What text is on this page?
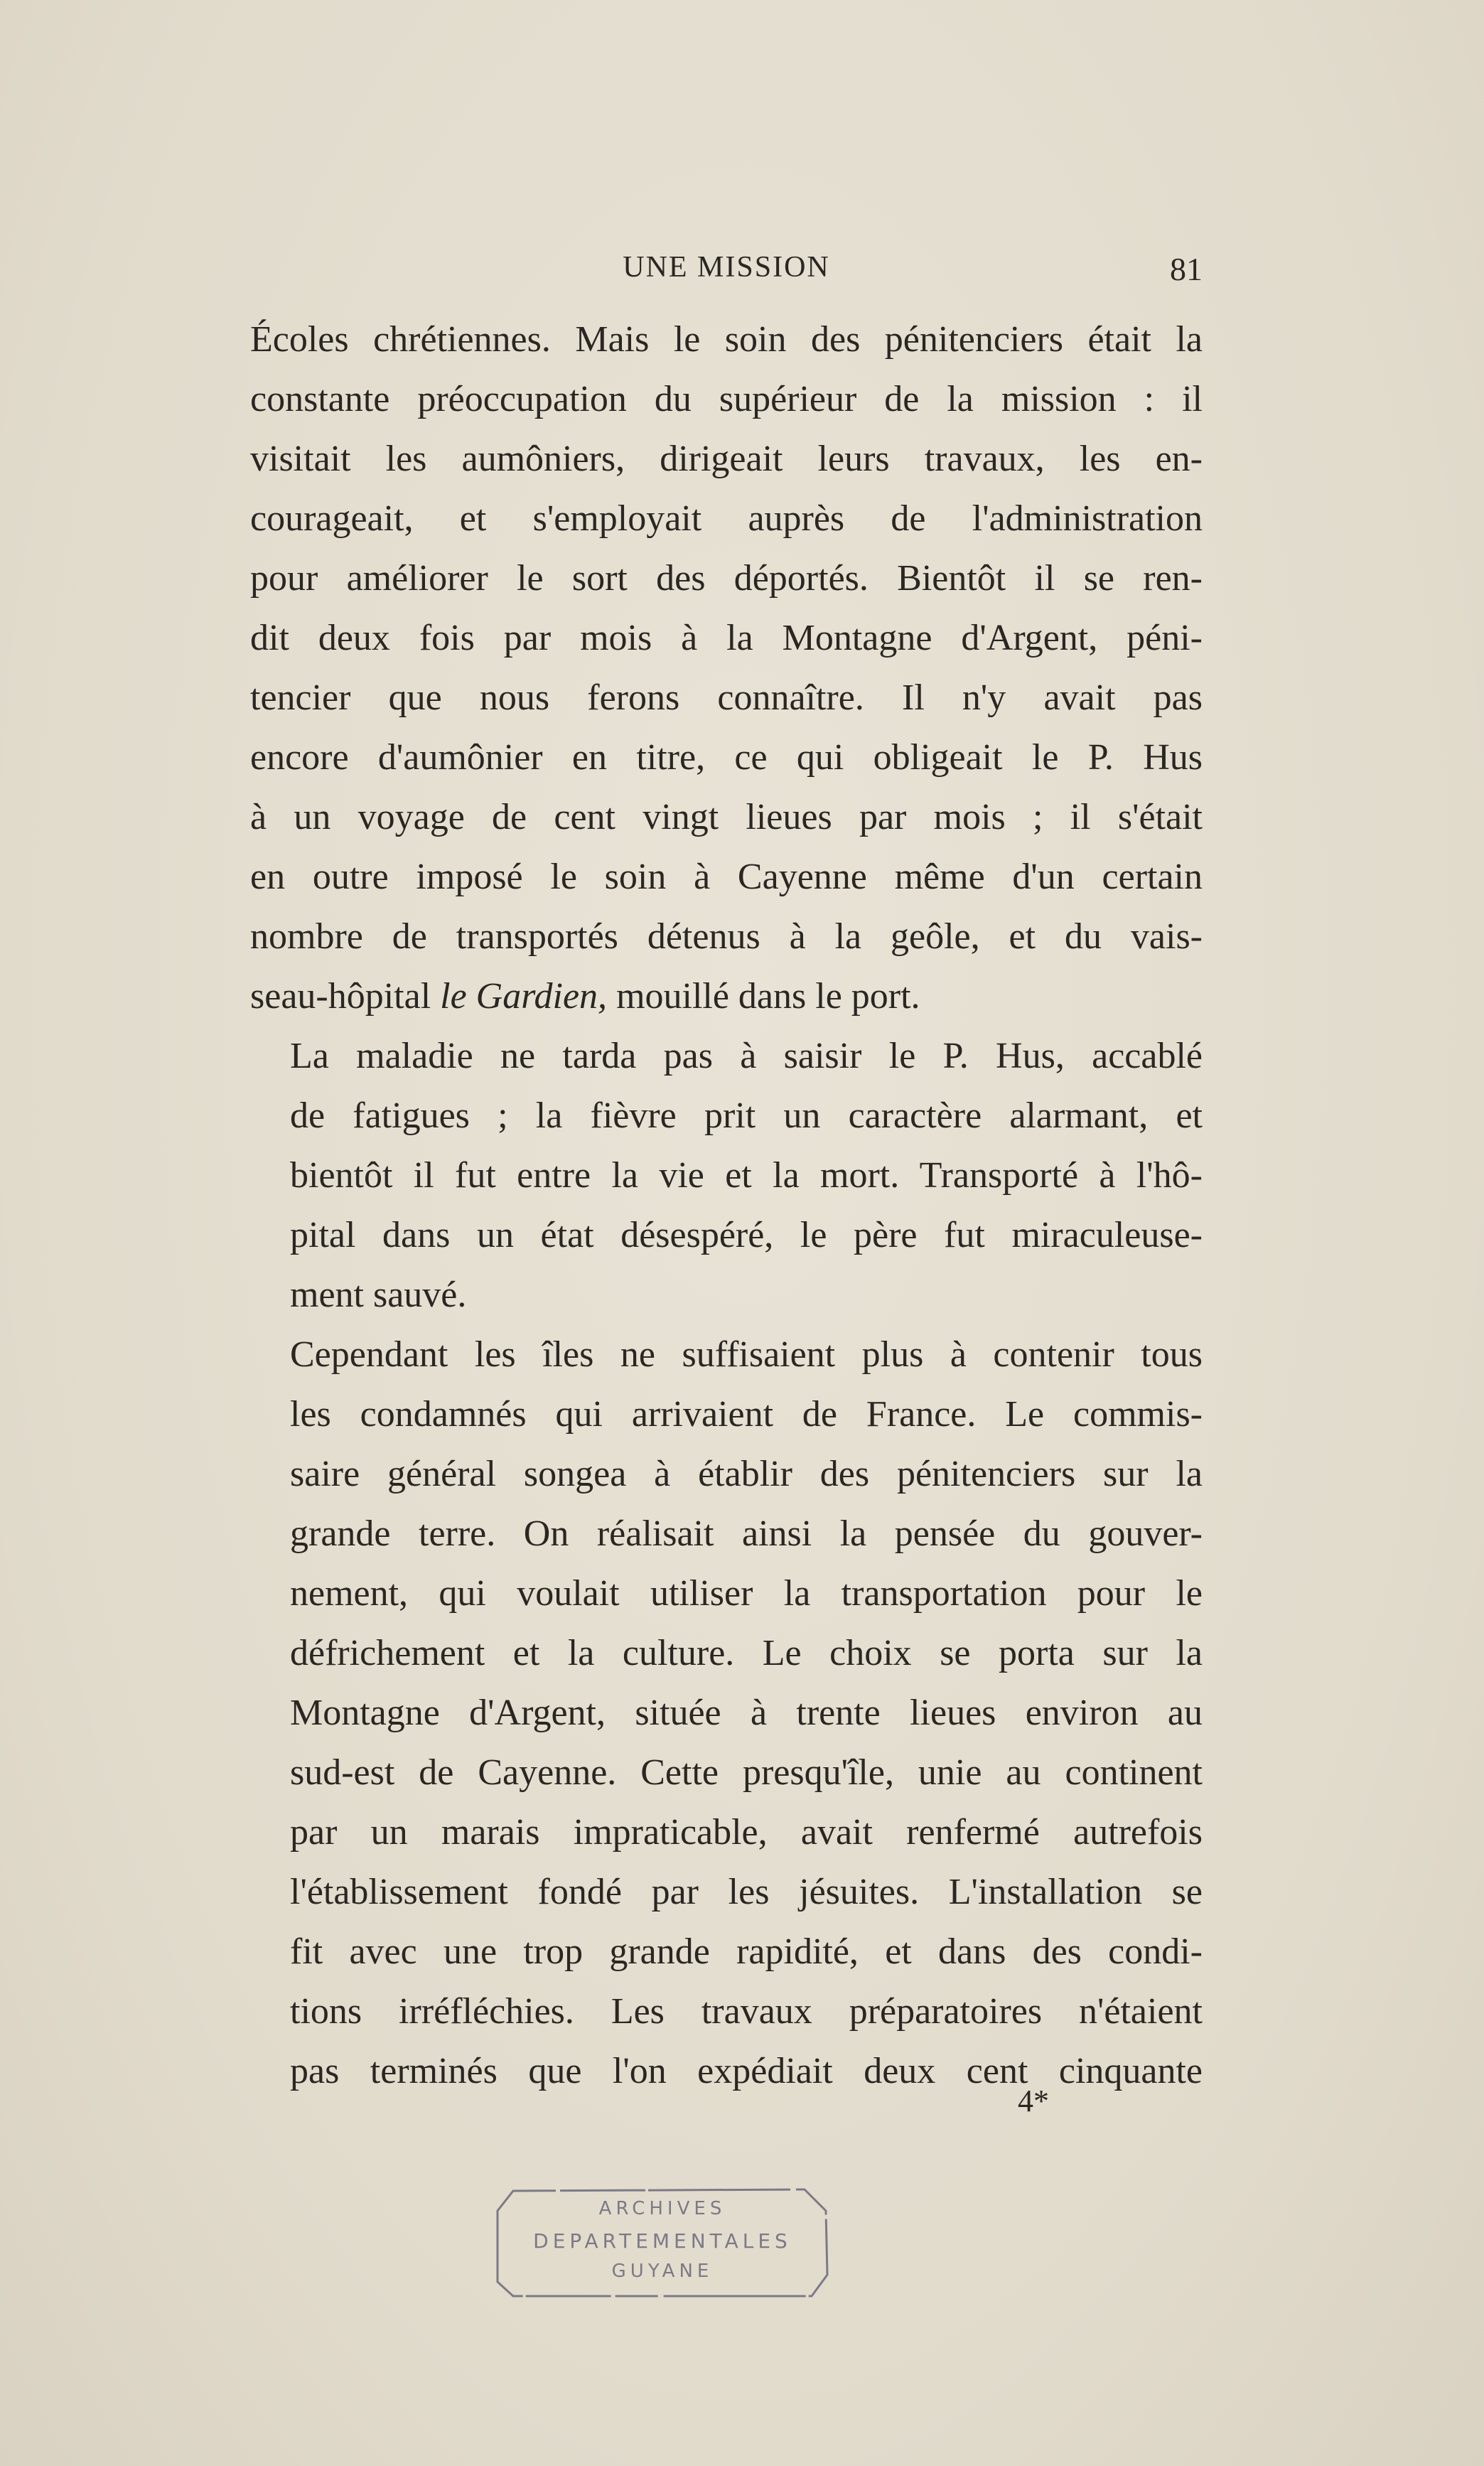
UNE MISSION	81

Écoles chrétiennes. Mais le soin des pénitenciers était la
constante préoccupation du supérieur de la mission : il
visitait les aumôniers, dirigeait leurs travaux, les en-
courageait, et s'employait auprès de l'administration
pour améliorer le sort des déportés. Bientôt il se ren-
dit deux fois par mois à la Montagne d'Argent, péni-
tencier que nous ferons connaître. Il n'y avait pas
encore d'aumônier en titre, ce qui obligeait le P. Hus
à un voyage de cent vingt lieues par mois ; il s'était
en outre imposé le soin à Cayenne même d'un certain
nombre de transportés détenus à la geôle, et du vais-
seau-hôpital le Gardien, mouillé dans le port.

La maladie ne tarda pas à saisir le P. Hus, accablé
de fatigues ; la fièvre prit un caractère alarmant, et
bientôt il fut entre la vie et la mort. Transporté à l'hô-
pital dans un état désespéré, le père fut miraculeuse-
ment sauvé.

Cependant les îles ne suffisaient plus à contenir tous
les condamnés qui arrivaient de France. Le commis-
saire général songea à établir des pénitenciers sur la
grande terre. On réalisait ainsi la pensée du gouver-
nement, qui voulait utiliser la transportation pour le
défrichement et la culture. Le choix se porta sur la
Montagne d'Argent, située à trente lieues environ au
sud-est de Cayenne. Cette presqu'île, unie au continent
par un marais impraticable, avait renfermé autrefois
l'établissement fondé par les jésuites. L'installation se
fit avec une trop grande rapidité, et dans des condi-
tions irréfléchies. Les travaux préparatoires n'étaient
pas terminés que l'on expédiait deux cent cinquante

4*
ARCHIVES
DEPARTEMENTALES
GUYANE
